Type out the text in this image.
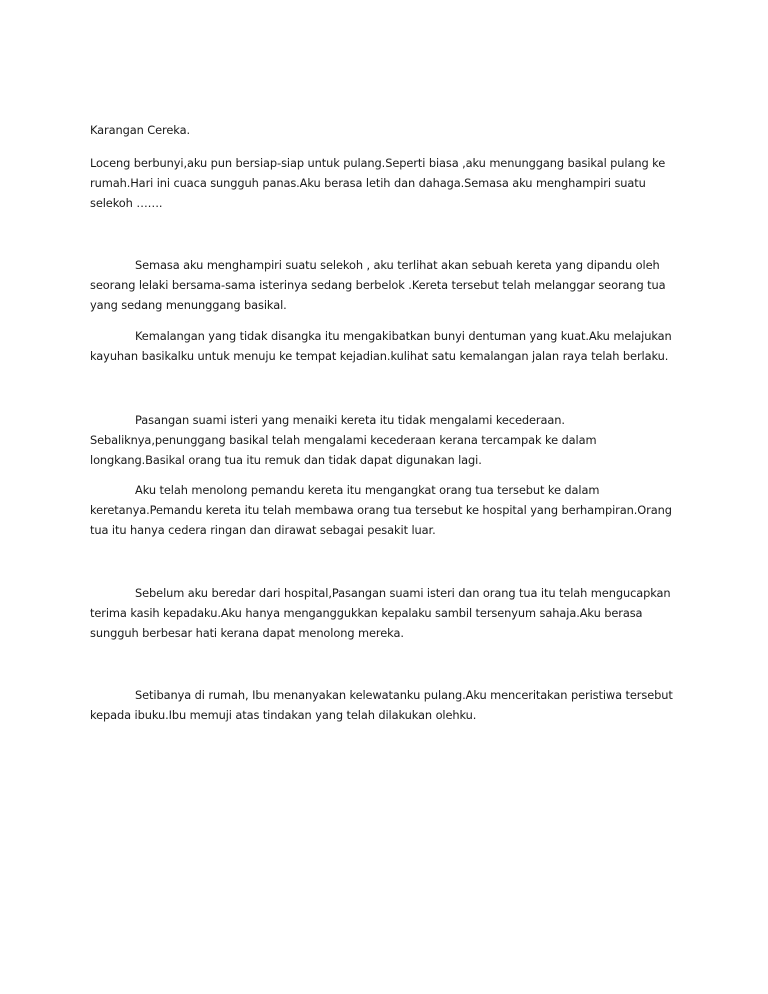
Karangan Cereka.

Loceng berbunyi,aku pun bersiap-siap untuk pulang.Seperti biasa ,aku menunggang basikal pulang ke rumah.Hari ini cuaca sungguh panas.Aku berasa letih dan dahaga.Semasa aku menghampiri suatu selekoh …….

Semasa aku menghampiri suatu selekoh , aku terlihat akan sebuah kereta yang dipandu oleh seorang lelaki bersama-sama isterinya sedang berbelok .Kereta tersebut telah melanggar seorang tua yang sedang menunggang basikal.

Kemalangan yang tidak disangka itu mengakibatkan bunyi dentuman yang kuat.Aku melajukan kayuhan basikalku untuk menuju ke tempat kejadian.kulihat satu kemalangan jalan raya telah berlaku.

Pasangan suami isteri yang menaiki kereta itu tidak mengalami kecederaan. Sebaliknya,penunggang basikal telah mengalami kecederaan kerana tercampak ke dalam longkang.Basikal orang tua itu remuk dan tidak dapat digunakan lagi.

Aku telah menolong pemandu kereta itu mengangkat orang tua tersebut ke dalam keretanya.Pemandu kereta itu telah membawa orang tua tersebut ke hospital yang berhampiran.Orang tua itu hanya cedera ringan dan dirawat sebagai pesakit luar.

Sebelum aku beredar dari hospital,Pasangan suami isteri dan orang tua itu telah mengucapkan terima kasih kepadaku.Aku hanya menganggukkan kepalaku sambil tersenyum sahaja.Aku berasa sungguh berbesar hati kerana dapat menolong mereka.

Setibanya di rumah, Ibu menanyakan kelewatanku pulang.Aku menceritakan peristiwa tersebut kepada ibuku.Ibu memuji atas tindakan yang telah dilakukan olehku.
